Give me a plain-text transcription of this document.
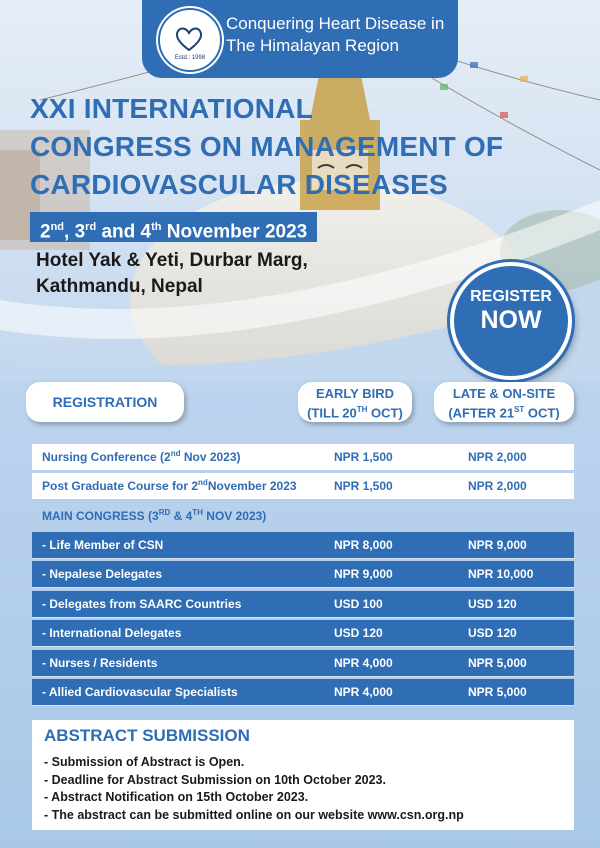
Estd.: 1998
Conquering Heart Disease in
The Himalayan Region
XXI INTERNATIONAL
CONGRESS ON MANAGEMENT OF
CARDIOVASCULAR DISEASES
2nd, 3rd and 4th November 2023
Hotel Yak & Yeti, Durbar Marg,
Kathmandu, Nepal	REGISTER
NOW
REGISTRATION
EARLY BIRD
(TILL 20TH OCT)
LATE & ON-SITE
(AFTER 21ST OCT)
Nursing Conference (2nd Nov 2023)	NPR 1,500	NPR 2,000
Post Graduate Course for 2ndNovember 2023	NPR 1,500	NPR 2,000
MAIN CONGRESS (3RD & 4TH NOV 2023)
- Life Member of CSN	NPR 8,000	NPR 9,000
- Nepalese Delegates	NPR 9,000	NPR 10,000
- Delegates from SAARC Countries	USD 100	USD 120
- International Delegates	USD 120	USD 120
- Nurses / Residents	NPR 4,000	NPR 5,000
- Allied Cardiovascular Specialists	NPR 4,000	NPR 5,000
ABSTRACT SUBMISSION
- Submission of Abstract is Open.
- Deadline for Abstract Submission on 10th October 2023.
- Abstract Notification on 15th October 2023.
- The abstract can be submitted online on our website www.csn.org.np
